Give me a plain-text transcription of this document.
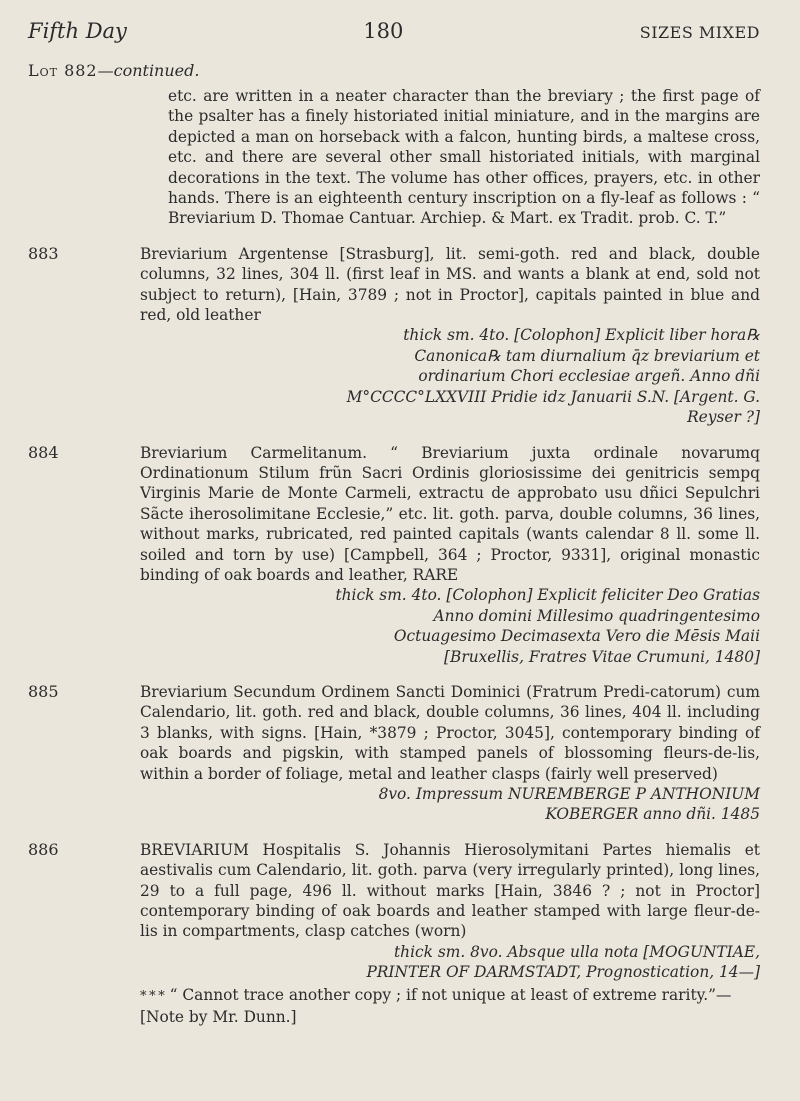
Fifth Day	180	SIZES MIXED
Lot 882—continued.
etc. are written in a neater character than the breviary ; the first page of the psalter has a finely historiated initial miniature, and in the margins are depicted a man on horseback with a falcon, hunting birds, a maltese cross, etc. and there are several other small historiated initials, with marginal decorations in the text. The volume has other offices, prayers, etc. in other hands. There is an eighteenth century inscription on a fly-leaf as follows : “ Breviarium D. Thomae Cantuar. Archiep. & Mart. ex Tradit. prob. C. T.”
883	Breviarium Argentense [Strasburg], lit. semi-goth. red and black, double columns, 32 lines, 304 ll. (first leaf in MS. and wants a blank at end, sold not subject to return), [Hain, 3789 ; not in Proctor], capitals painted in blue and red, old leather
thick sm. 4to. [Colophon] Explicit liber hora℞ Canonica℞ tam diurnalium q̄z breviarium et ordinarium Chori ecclesiae argeñ. Anno dñi M°CCCC°LXXVIII Pridie idz Januarii S.N. [Argent. G. Reyser ?]
884	Breviarium Carmelitanum. “ Breviarium juxta ordinale novarumq Ordinationum Stilum frũn Sacri Ordinis gloriosissime dei genitricis sempq Virginis Marie de Monte Carmeli, extractu de approbato usu dñici Sepulchri Sãcte iherosolimitane Ecclesie,” etc. lit. goth. parva, double columns, 36 lines, without marks, rubricated, red painted capitals (wants calendar 8 ll. some ll. soiled and torn by use) [Campbell, 364 ; Proctor, 9331], original monastic binding of oak boards and leather, RARE
thick sm. 4to. [Colophon] Explicit feliciter Deo Gratias Anno domini Millesimo quadringentesimo Octuagesimo Decimasexta Vero die Mēsis Maii [Bruxellis, Fratres Vitae Crumuni, 1480]
885	Breviarium Secundum Ordinem Sancti Dominici (Fratrum Predi-catorum) cum Calendario, lit. goth. red and black, double columns, 36 lines, 404 ll. including 3 blanks, with signs. [Hain, *3879 ; Proctor, 3045], contemporary binding of oak boards and pigskin, with stamped panels of blossoming fleurs-de-lis, within a border of foliage, metal and leather clasps (fairly well preserved)
8vo. Impressum NUREMBERGE P ANTHONIUM KOBERGER anno dñi. 1485
886	BREVIARIUM Hospitalis S. Johannis Hierosolymitani Partes hiemalis et aestivalis cum Calendario, lit. goth. parva (very irregularly printed), long lines, 29 to a full page, 496 ll. without marks [Hain, 3846 ? ; not in Proctor] contemporary binding of oak boards and leather stamped with large fleur-de-lis in compartments, clasp catches (worn)
thick sm. 8vo. Absque ulla nota [MOGUNTIAE, PRINTER OF DARMSTADT, Prognostication, 14—]
* * * “ Cannot trace another copy ; if not unique at least of extreme rarity.”—[Note by Mr. Dunn.]
